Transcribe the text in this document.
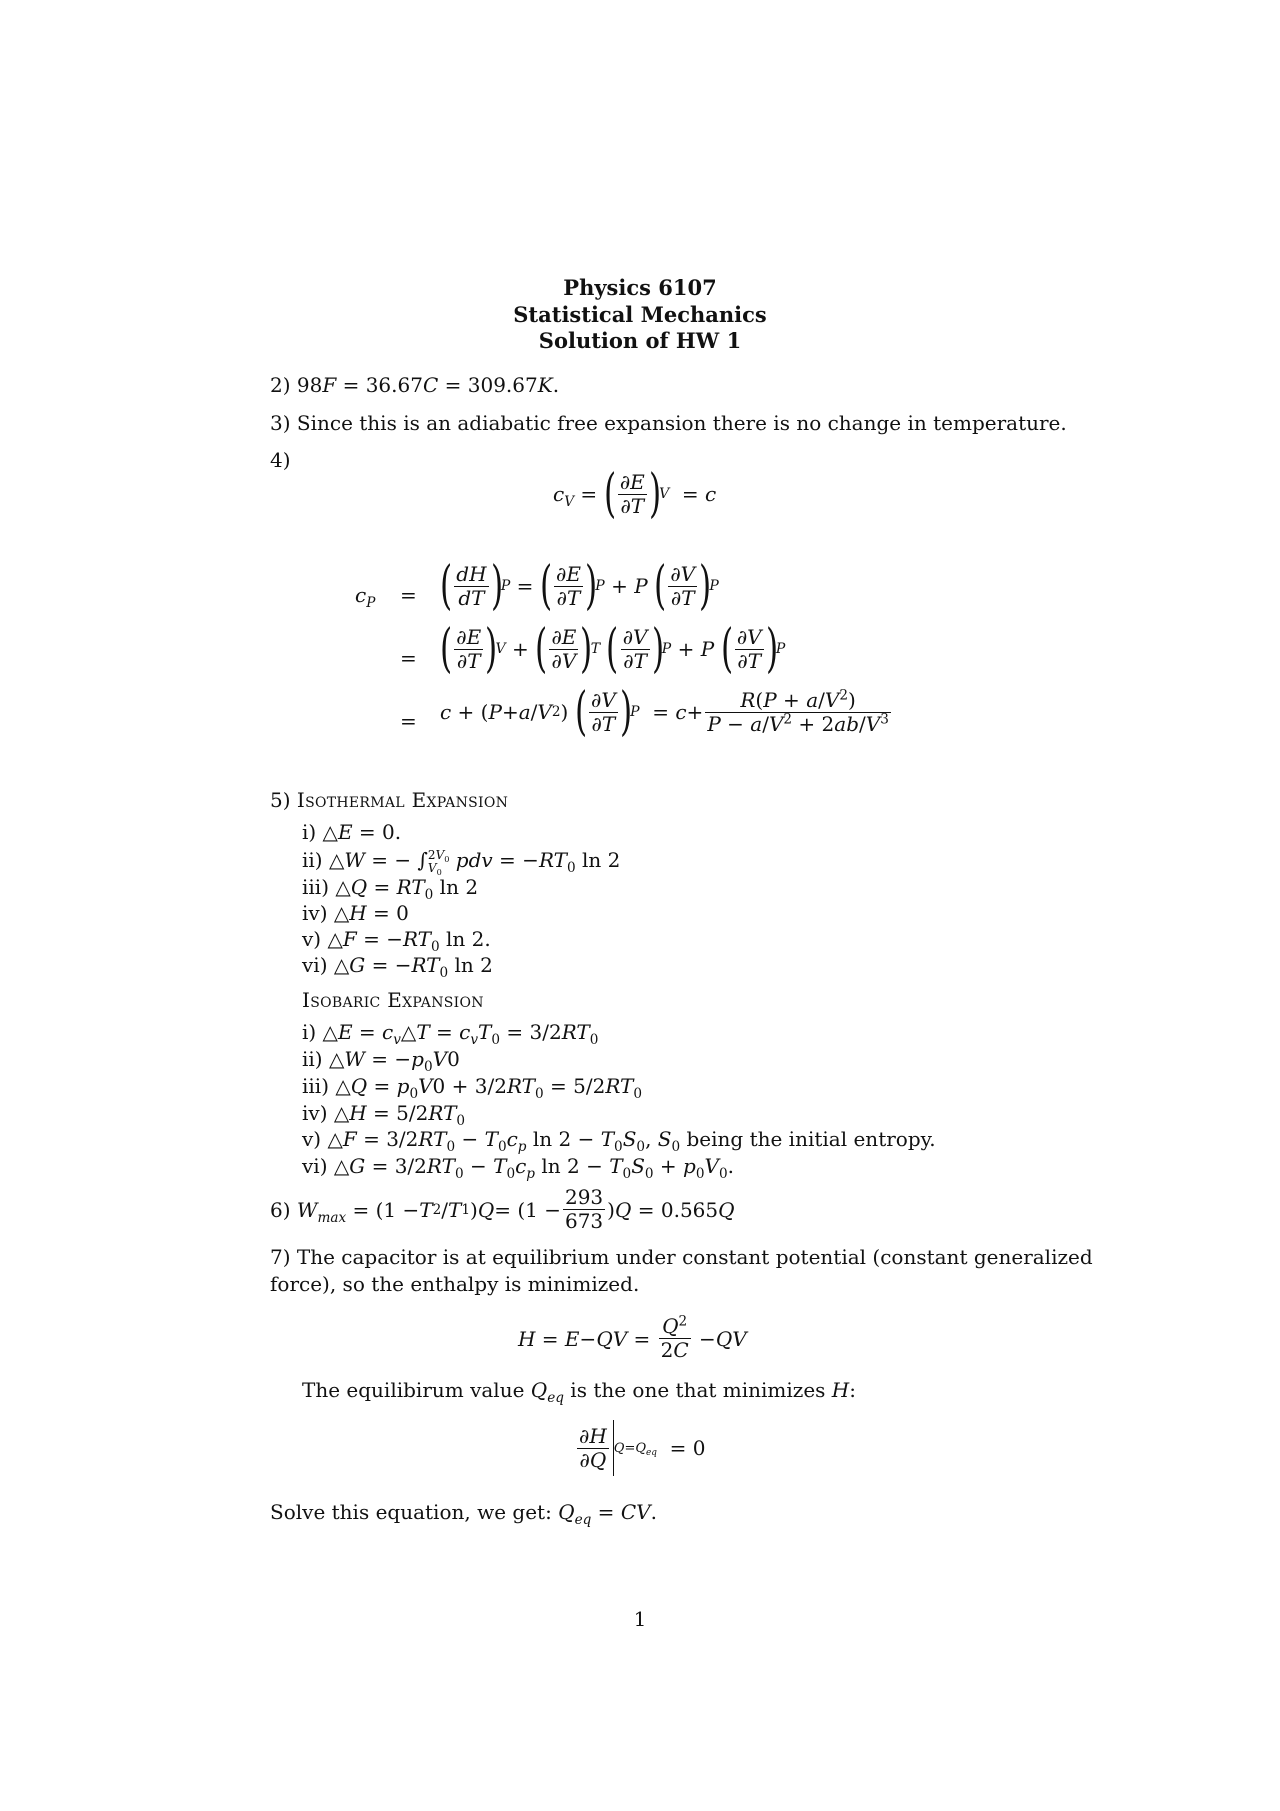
Physics 6107
Statistical Mechanics
Solution of HW 1
2) 98F = 36.67C = 309.67K.
3) Since this is an adiabatic free expansion there is no change in temperature.
4)
$c_V$ = ( $\frac{\partial E}{\partial T}$ )
V = c
$c_P$ = ( $\frac{dH}{dT}$ )
P = ( $\frac{\partial E}{\partial T}$ )
P + P
( $\frac{\partial V}{\partial T}$ )
P
= ( $\frac{\partial E}{\partial T}$ )
V + ( $\frac{\partial E}{\partial V}$ )
T
( $\frac{\partial V}{\partial T}$ )
P + P
( $\frac{\partial V}{\partial T}$ )
P
= c + ( P + a / V 2 ) ( $\frac{\partial V}{\partial T}$ )
$P = c + \frac{R(P + a/V^2)}{P - a/V^2 + 2ab/V^3}$
5) Isothermal Expansion
i) △E = 0.
ii) △W = − ∫ $2V_0$
$V_0$ pdv = $-RT_0$ ln 2
iii) △Q = $RT_0$ ln 2
iv) △H = 0
v) △F = $-RT_0$ ln 2.
vi) △G = $-RT_0$ ln 2
Isobaric Expansion
i) △E = $c_v\triangle T = c_vT_0 = 3/2RT_0$
ii) △W = $-p_0V0$
iii) △Q = $p_0V0 + 3/2RT_0 = 5/2RT_0$
iv) △H = $5/2RT_0$
v) △F = $3/2RT_0 - T_0c_p$ $\ln 2 - T_0S_0$, $S_0$ being the initial entropy.
vi) △G = $3/2RT_0 - T_0c_p$ $\ln 2 - T_0S_0 + p_0V_0$.
6)
$W_{max} = (1 - T$ 2 / T 1 ) $Q = (1 - \frac{293}{673}$ ) Q = 0.565 Q
7) The capacitor is at equilibrium under constant potential (constant generalized
force), so the enthalpy is minimized.
H = E − QV = $\frac{Q^2}{2C}$ − QV
The equilibirum value $Q_{eq}$ is the one that minimizes H:
$\frac{\partial H}{\partial Q} Q=Q_{eq} = 0$
Solve this equation, we get: $Q_{eq}$ = CV.
1
